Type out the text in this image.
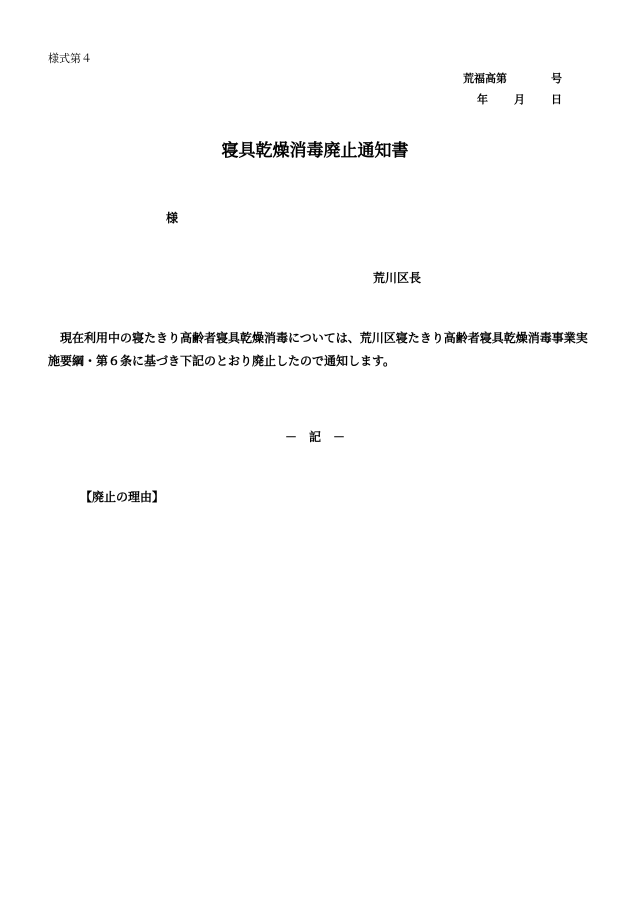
様式第４
荒福高第	号
年 月 日
寝具乾燥消毒廃止通知書
様
荒川区長
現在利用中の寝たきり高齢者寝具乾燥消毒については、荒川区寝たきり高齢者寝具乾燥消毒事業実施要綱・第６条に基づき下記のとおり廃止したので通知します。
－　記　－
【廃止の理由】
